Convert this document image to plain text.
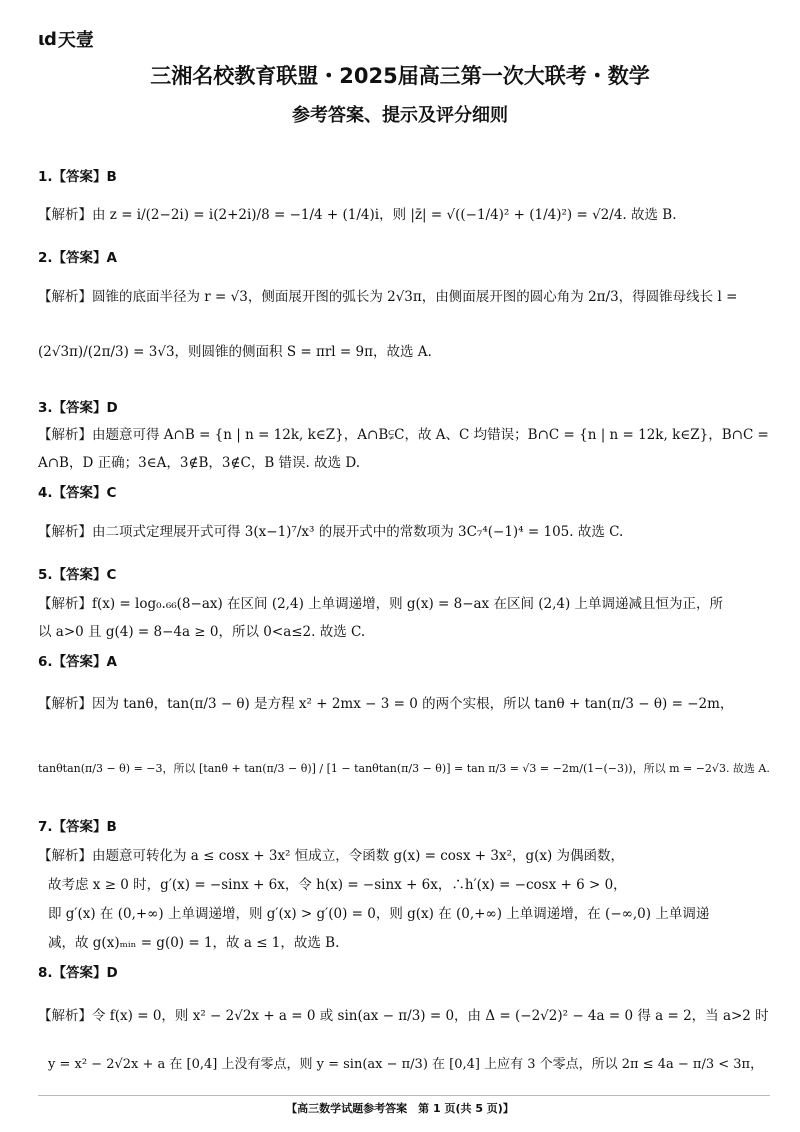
ιd 天壹
三湘名校教育联盟・2025届高三第一次大联考・数学
参考答案、提示及评分细则
1.【答案】B
【解析】由 z = i/(2−2i) = i(2+2i)/8 = −1/4 + (1/4)i，则 |z̄| = √((−1/4)² + (1/4)²) = √2/4. 故选 B.
2.【答案】A
【解析】圆锥的底面半径为 r = √3，侧面展开图的弧长为 2√3π，由侧面展开图的圆心角为 2π/3，得圆锥母线长 l =
(2√3π)/(2π/3) = 3√3，则圆锥的侧面积 S = πrl = 9π，故选 A.
3.【答案】D
【解析】由题意可得 A∩B = {n | n = 12k, k∈Z}，A∩B⫋C，故 A、C 均错误；B∩C = {n | n = 12k, k∈Z}，B∩C =
A∩B，D 正确；3∈A，3∉B，3∉C，B 错误. 故选 D.
4.【答案】C
【解析】由二项式定理展开式可得 3(x−1)⁷/x³ 的展开式中的常数项为 3C₇⁴(−1)⁴ = 105. 故选 C.
5.【答案】C
【解析】f(x) = log₀.₆₆(8−ax) 在区间 (2,4) 上单调递增，则 g(x) = 8−ax 在区间 (2,4) 上单调递减且恒为正，所
以 a>0 且 g(4) = 8−4a ≥ 0，所以 0<a≤2. 故选 C.
6.【答案】A
【解析】因为 tanθ，tan(π/3 − θ) 是方程 x² + 2mx − 3 = 0 的两个实根，所以 tanθ + tan(π/3 − θ) = −2m，
tanθtan(π/3 − θ) = −3，所以 [tanθ + tan(π/3 − θ)] / [1 − tanθtan(π/3 − θ)] = tan π/3 = √3 = −2m/(1−(−3))，所以 m = −2√3. 故选 A.
7.【答案】B
【解析】由题意可转化为 a ≤ cosx + 3x² 恒成立，令函数 g(x) = cosx + 3x²，g(x) 为偶函数，
故考虑 x ≥ 0 时，g′(x) = −sinx + 6x，令 h(x) = −sinx + 6x，∴h′(x) = −cosx + 6 > 0，
即 g′(x) 在 (0,+∞) 上单调递增，则 g′(x) > g′(0) = 0，则 g(x) 在 (0,+∞) 上单调递增，在 (−∞,0) 上单调递
减，故 g(x)ₘᵢₙ = g(0) = 1，故 a ≤ 1，故选 B.
8.【答案】D
【解析】令 f(x) = 0，则 x² − 2√2x + a = 0 或 sin(ax − π/3) = 0，由 Δ = (−2√2)² − 4a = 0 得 a = 2，当 a>2 时
y = x² − 2√2x + a 在 [0,4] 上没有零点，则 y = sin(ax − π/3) 在 [0,4] 上应有 3 个零点，所以 2π ≤ 4a − π/3 < 3π，
【高三数学试题参考答案　第 1 页(共 5 页)】
